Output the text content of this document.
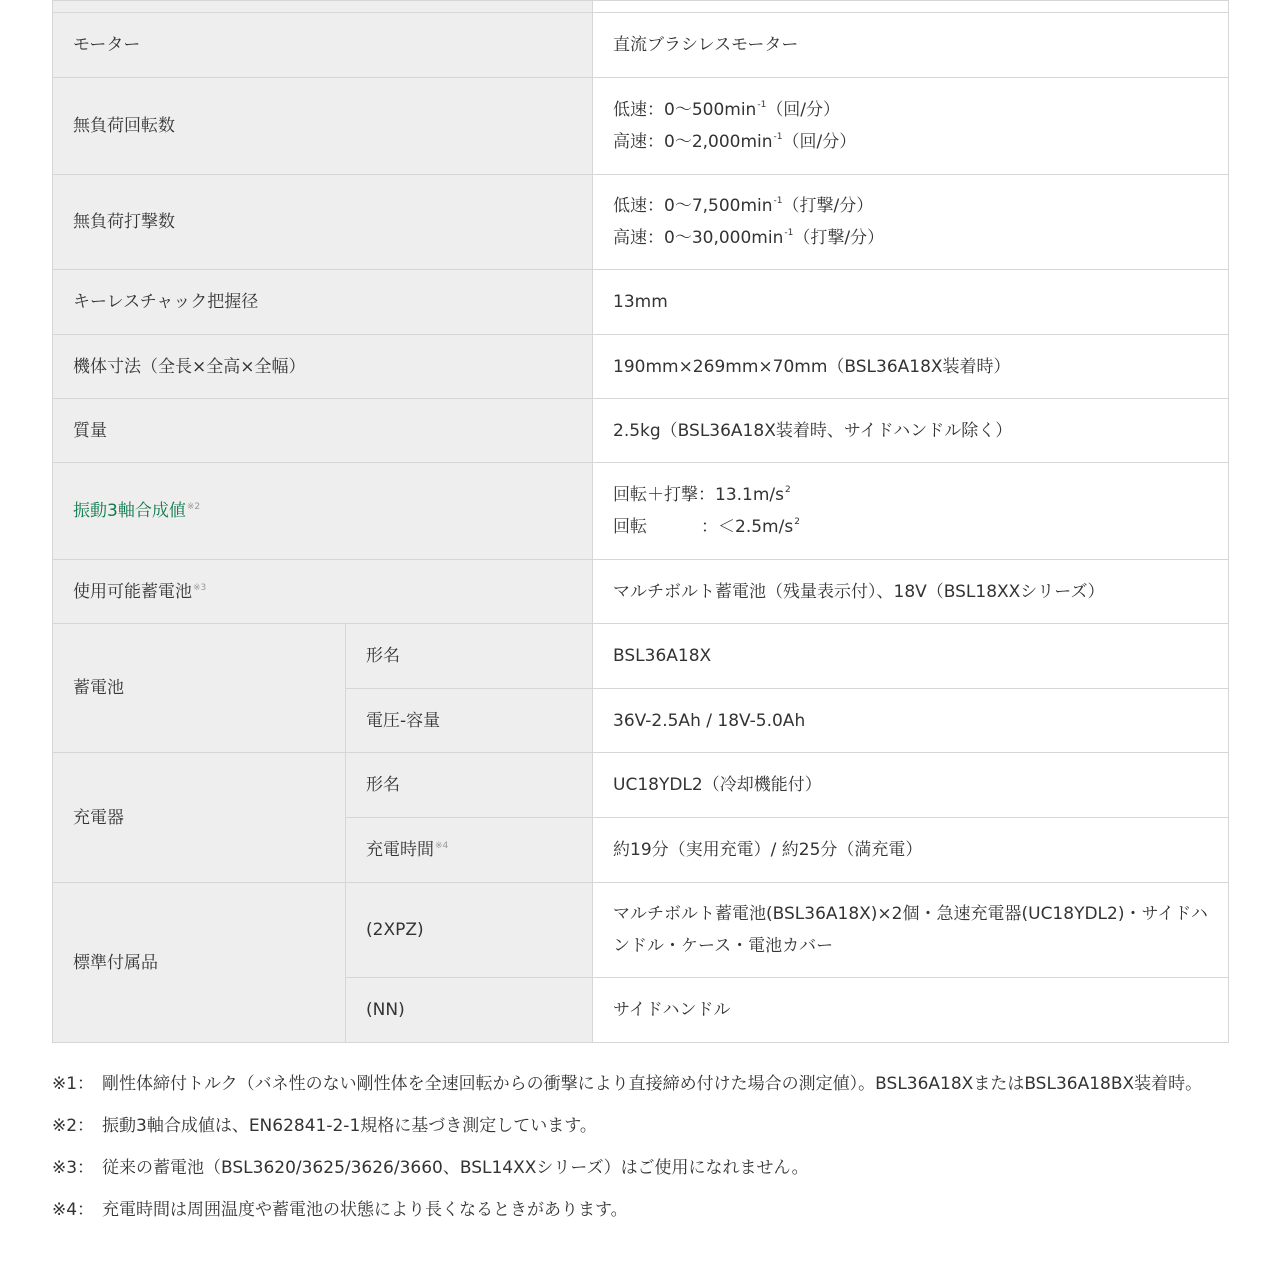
モーター		直流ブラシレスモーター
無負荷回転数		低速：$0\sim 500\min^{-1}$（回/分）
高速：$0\sim 2,000\min^{-1}$（回/分）

無負荷打撃数		低速：$0\sim 7,500\min^{-1}$（打撃/分）
高速：$0\sim 30,000\min^{-1}$（打撃/分）

キーレスチャック把握径		13mm
機体寸法（全長×全高×全幅）		190mm×269mm×70mm（BSL36A18X装着時）
質量		2.5kg（BSL36A18X装着時、サイドハンドル除く）
振動3軸合成値$^{※2}$		回転＋打撃：$13.1m/s^2$
回転 ：$<2.5m/s^2$

使用可能蓄電池$^{※3}$		マルチボルト蓄電池（残量表示付）、18V（BSL18XXシリーズ）
蓄電池	形名	BSL36A18X
	電圧-容量	36V-2.5Ah / 18V-5.0Ah
充電器	形名	UC18YDL2（冷却機能付）
	充電時間$^{※4}$	約19分（実用充電）/ 約25分（満充電）
標準付属品	(2XPZ)	マルチボルト蓄電池(BSL36A18X)×2個・急速充電器(UC18YDL2)・サイドハンドル・ケース・電池カバー
	(NN)	サイドハンドル
※1： 剛性体締付トルク（バネ性のない剛性体を全速回転からの衝撃により直接締め付けた場合の測定値）。BSL36A18XまたはBSL36A18BX装着時。
※2： 振動3軸合成値は、EN62841-2-1規格に基づき測定しています。
※3： 従来の蓄電池（BSL3620/3625/3626/3660、BSL14XXシリーズ）はご使用になれません。
※4： 充電時間は周囲温度や蓄電池の状態により長くなるときがあります。
